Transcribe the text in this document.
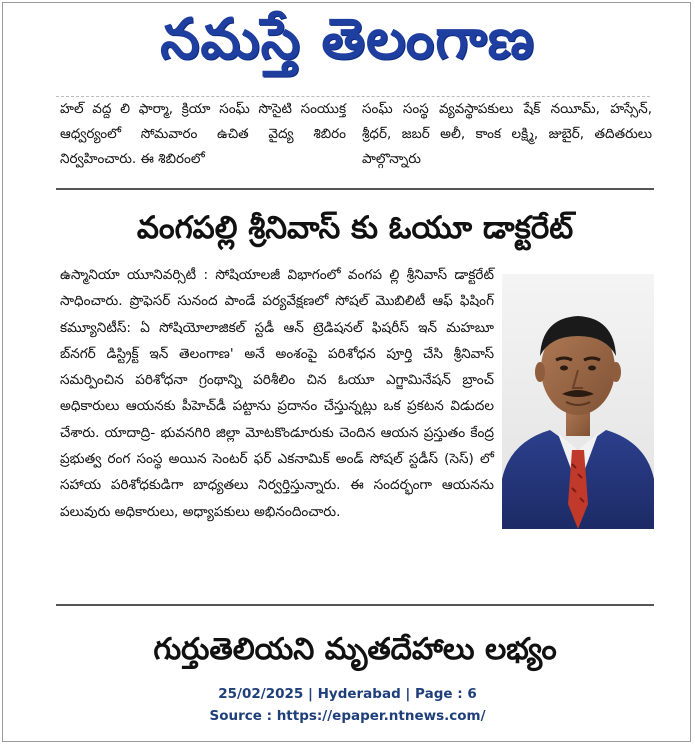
నమస్తే తెలంగాణ
హల్ వద్ద లి ఫార్మా, క్రియా సంఘ్ సొసైటి సంయుక్త ఆధ్వర్యంలో సోమవారం ఉచిత వైద్య శిబిరం నిర్వహించారు. ఈ శిబిరంలో
సంఘ్ సంస్థ వ్యవస్థాపకులు షేక్ నయీమ్, హస్సేన్, శ్రీధర్, జబర్ అలీ, కాంక లక్ష్మి, జుబైర్, తదితరులు పాల్గొన్నారు
వంగపల్లి శ్రీనివాస్ కు ఓయూ డాక్టరేట్

ఉస్మానియా యూనివర్సిటీ : సోషియాలజీ విభాగంలో వంగప ల్లి శ్రీనివాస్ డాక్టరేట్ సాధించారు. ప్రొఫెసర్ సునంద పాండే పర్యవేక్షణలో సోషల్ మొబిలిటీ ఆఫ్ ఫిషింగ్ కమ్యూనిటీస్: ఏ సోషియోలాజికల్ స్టడీ ఆన్ ట్రెడిషనల్ ఫిషరీస్ ఇన్ మహబూ బ్‌నగర్ డిస్ట్రిక్ట్ ఇన్ తెలంగాణ' అనే అంశంపై పరిశోధన పూర్తి చేసి శ్రీనివాస్ సమర్పించిన పరిశోధనా గ్రంథాన్ని పరిశీలిం చిన ఓయూ ఎగ్జామినేషన్ బ్రాంచ్ అధికారులు ఆయనకు పీహెచ్‌డీ పట్టాను ప్రదానం చేస్తున్నట్లు ఒక ప్రకటన విడుదల చేశారు. యాదాద్రి- భువనగిరి జిల్లా మోటకొండూరుకు చెందిన ఆయన ప్రస్తుతం కేంద్ర ప్రభుత్వ రంగ సంస్థ అయిన సెంటర్ ఫర్ ఎకనామిక్ అండ్ సోషల్ స్టడీస్ (సెస్) లో సహాయ పరిశోధకుడిగా బాధ్యతలు నిర్వర్తిస్తున్నారు. ఈ సందర్భంగా ఆయనను పలువురు అధికారులు, అధ్యాపకులు అభినందించారు.

గుర్తుతెలియని మృతదేహాలు లభ్యం
25/02/2025 | Hyderabad | Page : 6
Source : https://epaper.ntnews.com/
